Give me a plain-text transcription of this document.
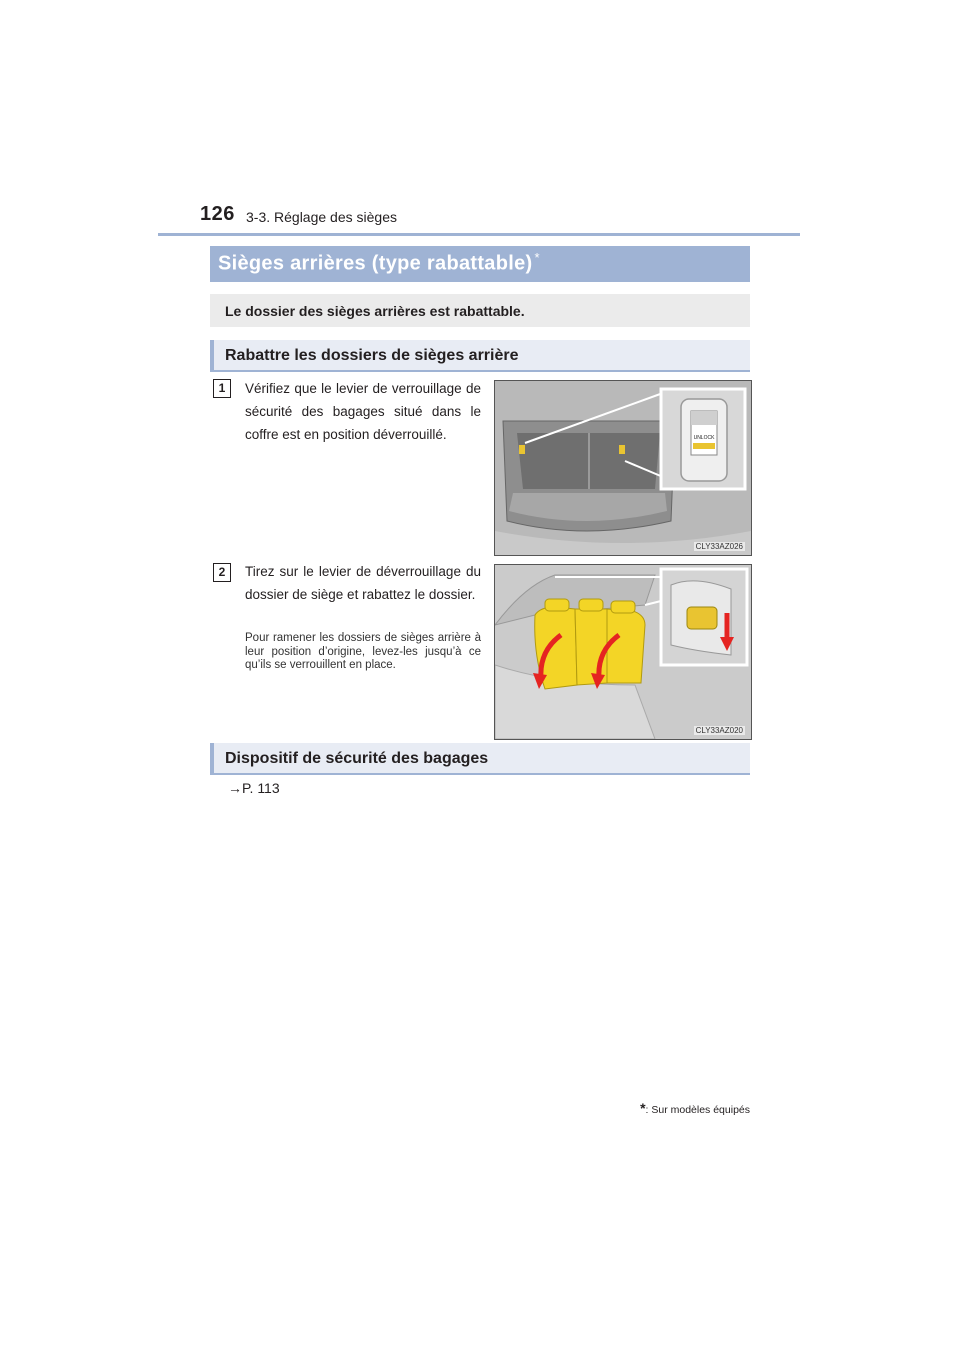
126 3-3. Réglage des sièges
Sièges arrières (type rabattable) *
Le dossier des sièges arrières est rabattable.
Rabattre les dossiers de sièges arrière
1	Vérifiez que le levier de verrouillage de sécurité des bagages situé dans le coffre est en position déverrouillé.	UNLOCK
CLY33AZ026
2	Tirez sur le levier de déverrouillage du dossier de siège et rabattez le dossier.
Pour ramener les dossiers de sièges arrière à leur position d’origine, levez-les jusqu’à ce qu’ils se verrouillent en place.
CLY33AZ020
Dispositif de sécurité des bagages
→P. 113
*: Sur modèles équipés
